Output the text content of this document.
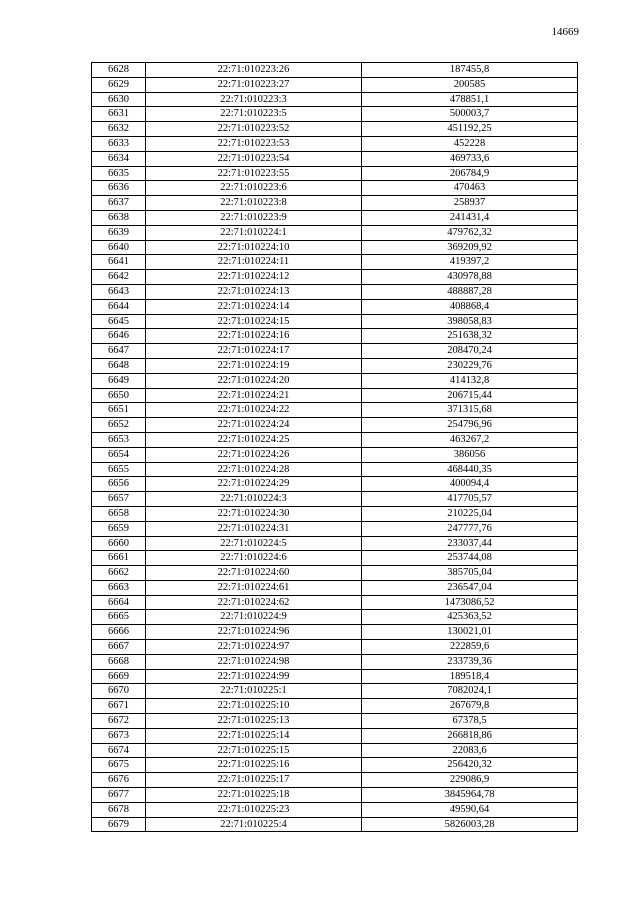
14669
6628	22:71:010223:26	187455,8
6629	22:71:010223:27	200585
6630	22:71:010223:3	478851,1
6631	22:71:010223:5	500003,7
6632	22:71:010223:52	451192,25
6633	22:71:010223:53	452228
6634	22:71:010223:54	469733,6
6635	22:71:010223:55	206784,9
6636	22:71:010223:6	470463
6637	22:71:010223:8	258937
6638	22:71:010223:9	241431,4
6639	22:71:010224:1	479762,32
6640	22:71:010224:10	369209,92
6641	22:71:010224:11	419397,2
6642	22:71:010224:12	430978,88
6643	22:71:010224:13	488887,28
6644	22:71:010224:14	408868,4
6645	22:71:010224:15	398058,83
6646	22:71:010224:16	251638,32
6647	22:71:010224:17	208470,24
6648	22:71:010224:19	230229,76
6649	22:71:010224:20	414132,8
6650	22:71:010224:21	206715,44
6651	22:71:010224:22	371315,68
6652	22:71:010224:24	254796,96
6653	22:71:010224:25	463267,2
6654	22:71:010224:26	386056
6655	22:71:010224:28	468440,35
6656	22:71:010224:29	400094,4
6657	22:71:010224:3	417705,57
6658	22:71:010224:30	210225,04
6659	22:71:010224:31	247777,76
6660	22:71:010224:5	233037,44
6661	22:71:010224:6	253744,08
6662	22:71:010224:60	385705,04
6663	22:71:010224:61	236547,04
6664	22:71:010224:62	1473086,52
6665	22:71:010224:9	425363,52
6666	22:71:010224:96	130021,01
6667	22:71:010224:97	222859,6
6668	22:71:010224:98	233739,36
6669	22:71:010224:99	189518,4
6670	22:71:010225:1	7082024,1
6671	22:71:010225:10	267679,8
6672	22:71:010225:13	67378,5
6673	22:71:010225:14	266818,86
6674	22:71:010225:15	22083,6
6675	22:71:010225:16	256420,32
6676	22:71:010225:17	229086,9
6677	22:71:010225:18	3845964,78
6678	22:71:010225:23	49590,64
6679	22:71:010225:4	5826003,28
